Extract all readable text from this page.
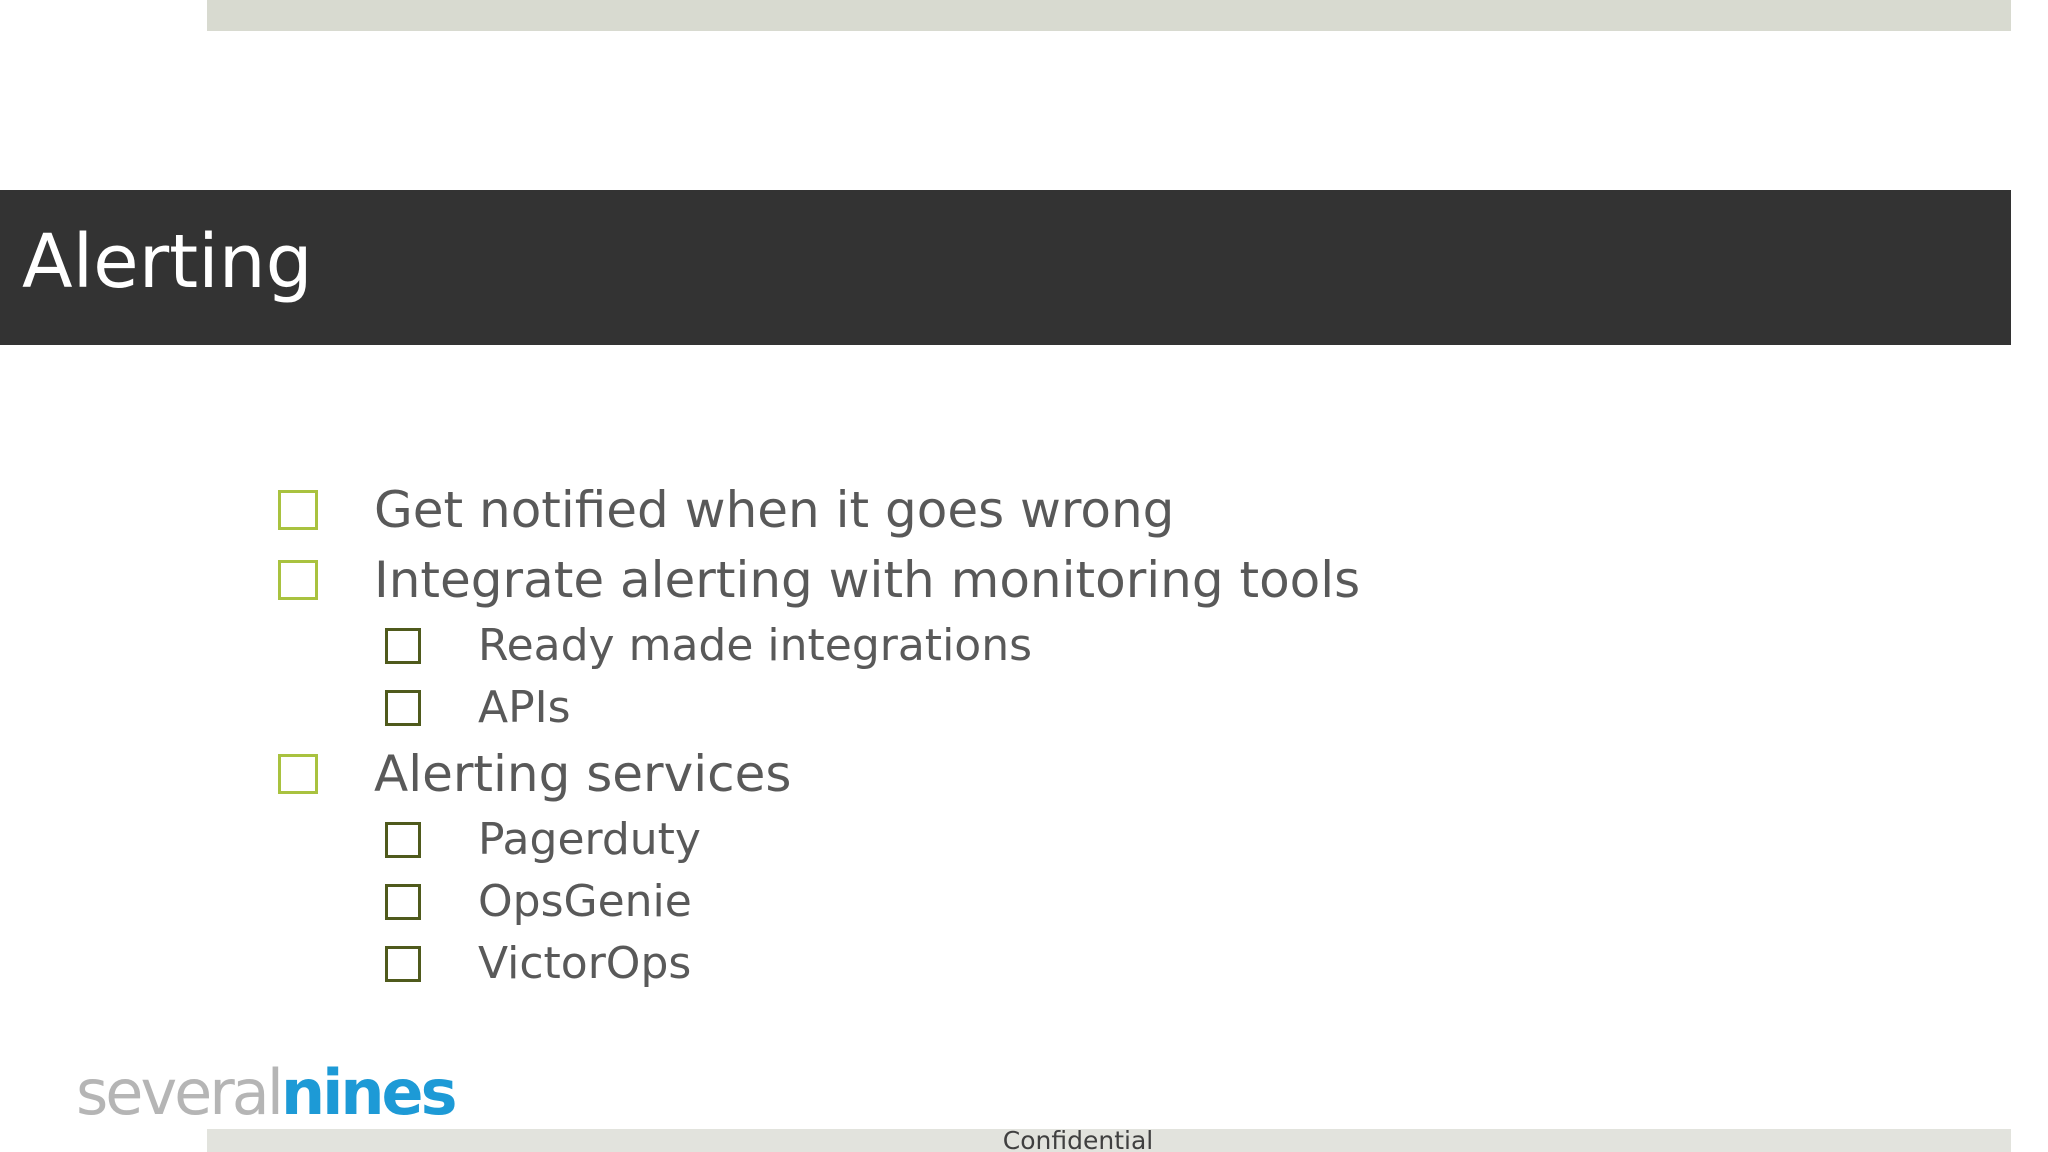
Alerting
Get notified when it goes wrong
Integrate alerting with monitoring tools
Ready made integrations
APIs
Alerting services
Pagerduty
OpsGenie
VictorOps
severalnines
Confidential
